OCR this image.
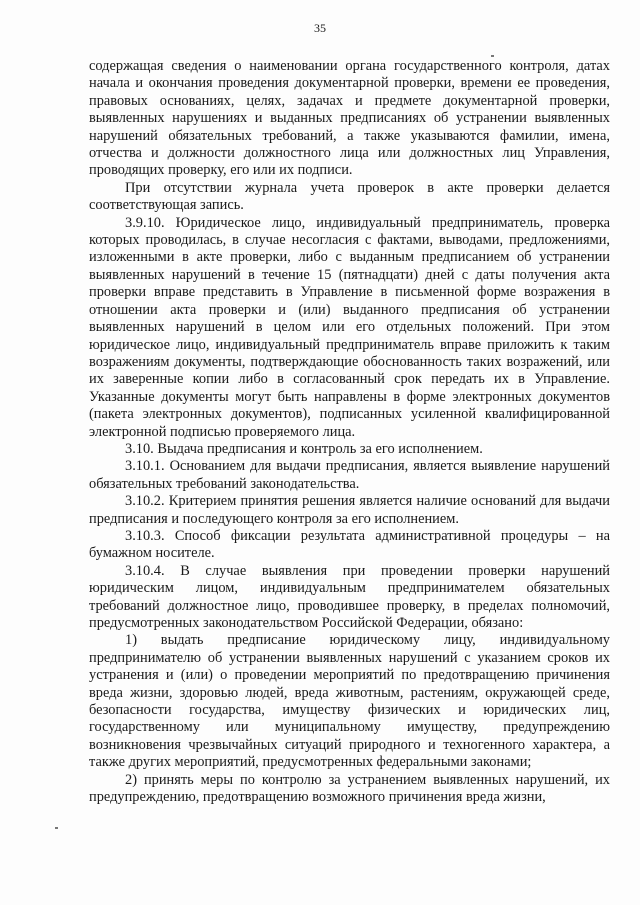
35

содержащая сведения о наименовании органа государственного контроля, датах начала и окончания проведения документарной проверки, времени ее проведения, правовых основаниях, целях, задачах и предмете документарной проверки, выявленных нарушениях и выданных предписаниях об устранении выявленных нарушений обязательных требований, а также указываются фамилии, имена, отчества и должности должностного лица или должностных лиц Управления, проводящих проверку, его или их подписи.

При отсутствии журнала учета проверок в акте проверки делается соответствующая запись.

3.9.10. Юридическое лицо, индивидуальный предприниматель, проверка которых проводилась, в случае несогласия с фактами, выводами, предложениями, изложенными в акте проверки, либо с выданным предписанием об устранении выявленных нарушений в течение 15 (пятнадцати) дней с даты получения акта проверки вправе представить в Управление в письменной форме возражения в отношении акта проверки и (или) выданного предписания об устранении выявленных нарушений в целом или его отдельных положений. При этом юридическое лицо, индивидуальный предприниматель вправе приложить к таким возражениям документы, подтверждающие обоснованность таких возражений, или их заверенные копии либо в согласованный срок передать их в Управление. Указанные документы могут быть направлены в форме электронных документов (пакета электронных документов), подписанных усиленной квалифицированной электронной подписью проверяемого лица.

3.10. Выдача предписания и контроль за его исполнением.

3.10.1. Основанием для выдачи предписания, является выявление нарушений обязательных требований законодательства.

3.10.2. Критерием принятия решения является наличие оснований для выдачи предписания и последующего контроля за его исполнением.

3.10.3. Способ фиксации результата административной процедуры – на бумажном носителе.

3.10.4. В случае выявления при проведении проверки нарушений юридическим лицом, индивидуальным предпринимателем обязательных требований должностное лицо, проводившее проверку, в пределах полномочий, предусмотренных законодательством Российской Федерации, обязано:

1) выдать предписание юридическому лицу, индивидуальному предпринимателю об устранении выявленных нарушений с указанием сроков их устранения и (или) о проведении мероприятий по предотвращению причинения вреда жизни, здоровью людей, вреда животным, растениям, окружающей среде, безопасности государства, имуществу физических и юридических лиц, государственному или муниципальному имуществу, предупреждению возникновения чрезвычайных ситуаций природного и техногенного характера, а также других мероприятий, предусмотренных федеральными законами;

2) принять меры по контролю за устранением выявленных нарушений, их предупреждению, предотвращению возможного причинения вреда жизни,
